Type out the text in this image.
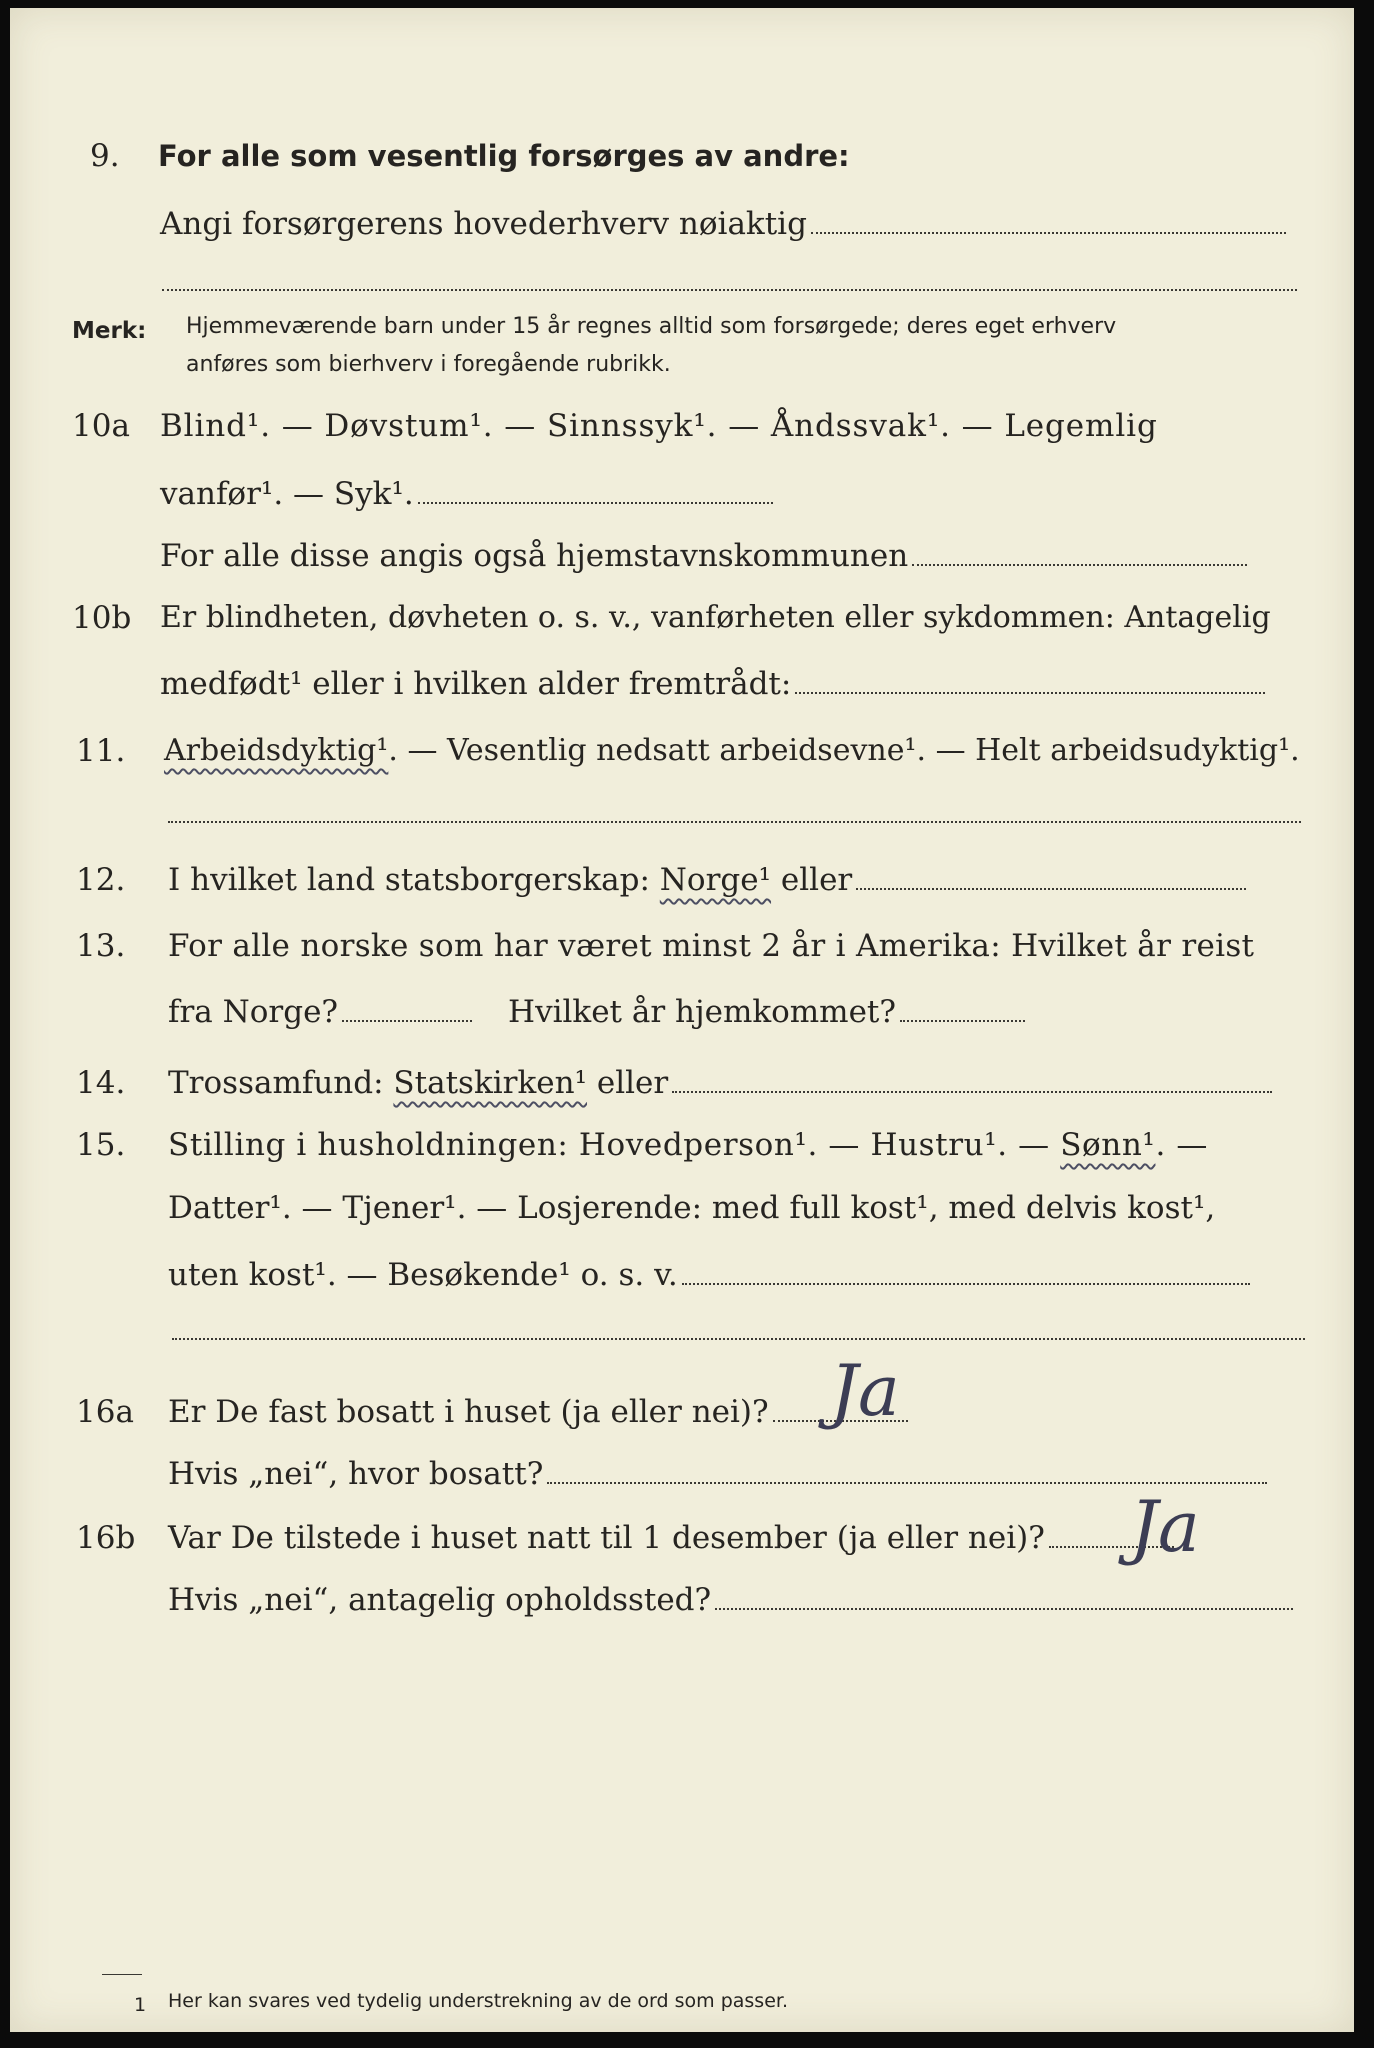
9. For alle som vesentlig forsørges av andre:
Angi forsørgerens hovederhverv nøiaktig
Merk: Hjemmeværende barn under 15 år regnes alltid som forsørgede; deres eget erhverv
anføres som bierhverv i foregående rubrikk.
10a Blind¹. — Døvstum¹. — Sinnssyk¹. — Åndssvak¹. — Legemlig
vanfør¹. — Syk¹.
For alle disse angis også hjemstavnskommunen
10b Er blindheten, døvheten o. s. v., vanførheten eller sykdommen: Antagelig
medfødt¹ eller i hvilken alder fremtrådt:
11. Arbeidsdyktig¹. — Vesentlig nedsatt arbeidsevne¹. — Helt arbeidsudyktig¹.
12. I hvilket land statsborgerskap: Norge¹ eller
13. For alle norske som har været minst 2 år i Amerika: Hvilket år reist
fra Norge?	Hvilket år hjemkommet?
14. Trossamfund: Statskirken¹ eller
15. Stilling i husholdningen: Hovedperson¹. — Hustru¹. — Sønn¹. —
Datter¹. — Tjener¹. — Losjerende: med full kost¹, med delvis kost¹,
uten kost¹. — Besøkende¹ o. s. v.
16a Er De fast bosatt i huset (ja eller nei)? Ja
Hvis „nei“, hvor bosatt?
16b Var De tilstede i huset natt til 1 desember (ja eller nei)?	Ja
Hvis „nei“, antagelig opholdssted?
1 Her kan svares ved tydelig understrekning av de ord som passer.
